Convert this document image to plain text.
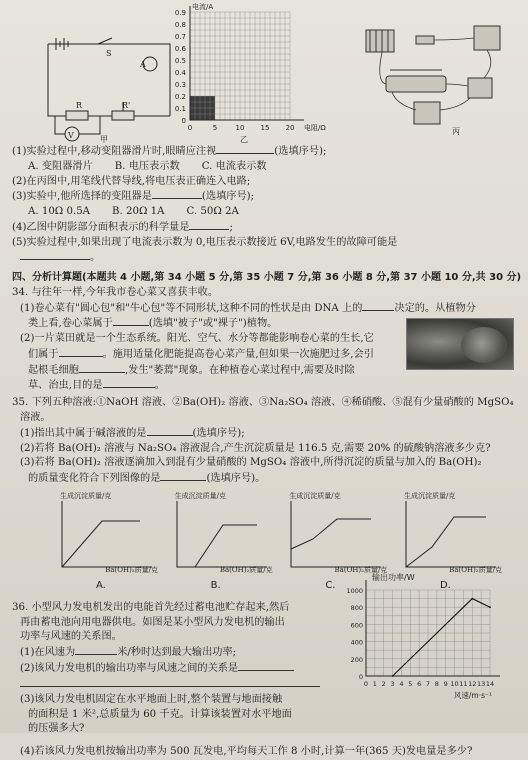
A
V
S
R	R'
甲
电流/A
0.9
0.8
0.7
0.6
0.5
0.4
0.3
0.2
0.1
0
5	10 15 20 电阻/Ω
0
乙
丙
(1)实验过程中,移动变阻器滑片时,眼睛应注视	(选填序号);
A. 变阻器滑片 B. 电压表示数 C. 电流表示数
(2)在丙图中,用笔线代替导线,将电压表正确连入电路;
(3)实验中,他所选择的变阻器是	(选填序号);
A. 10Ω 0.5A B. 20Ω 1A C. 50Ω 2A
(4)乙图中阴影部分面积表示的科学量是	;
(5)实验过程中,如果出现了电流表示数为 0,电压表示数接近 6V,电路发生的故障可能是
。
四、分析计算题(本题共 4 小题,第 34 小题 5 分,第 35 小题 7 分,第 36 小题 8 分,第 37 小题 10 分,共 30 分)
34. 与往年一样,今年我市卷心菜又喜获丰收。
(1)卷心菜有"圆心包"和"牛心包"等不同形状,这种不同的性状是由 DNA 上的	决定的。从植物分
类上看,卷心菜属于	(选填"被子"或"裸子")植物。
(2)一片菜田就是一个生态系统。阳光、空气、水分等都能影响卷心菜的生长,它
们属于	。施用适量化肥能提高卷心菜产量,但如果一次施肥过多,会引
起根毛细胞	,发生"萎蔫"现象。在种植卷心菜过程中,需要及时除
草、治虫,目的是	。
35. 下列五种溶液:①NaOH 溶液、②Ba(OH)₂ 溶液、③Na₂SO₄ 溶液、④稀硝酸、⑤混有少量硝酸的 MgSO₄
溶液。
(1)指出其中属于碱溶液的是	(选填序号);
(2)若将 Ba(OH)₂ 溶液与 Na₂SO₄ 溶液混合,产生沉淀质量是 116.5 克,需要 20% 的硫酸钠溶液多少克?
(3)若将 Ba(OH)₂ 溶液逐滴加入到混有少量硝酸的 MgSO₄ 溶液中,所得沉淀的质量与加入的 Ba(OH)₂
的质量变化符合下列图像的是	(选填序号)。
生成沉淀质量/克
Ba(OH)₂质量/克
A.
生成沉淀质量/克
Ba(OH)₂质量/克
B.
生成沉淀质量/克
Ba(OH)₂质量/克
C.
生成沉淀质量/克
Ba(OH)₂质量/克
D.
36. 小型风力发电机发出的电能首先经过蓄电池贮存起来,然后
再由蓄电池向用电器供电。如图是某小型风力发电机的输出
功率与风速的关系图。
(1)在风速为	米/秒时达到最大输出功率;
(2)该风力发电机的输出功率与风速之间的关系是
(3)该风力发电机固定在水平地面上时,整个装置与地面接触
的面积是 1 米²,总质量为 60 千克。计算该装置对水平地面
的压强多大?
(4)若该风力发电机按输出功率为 500 瓦发电,平均每天工作 8 小时,计算一年(365 天)发电量是多少?
输出功率/W
1000
800
600
400
200
0
1 2 3 4 5 6 7 8 9 10 11 12 13 14
0
风速/m·s⁻¹
